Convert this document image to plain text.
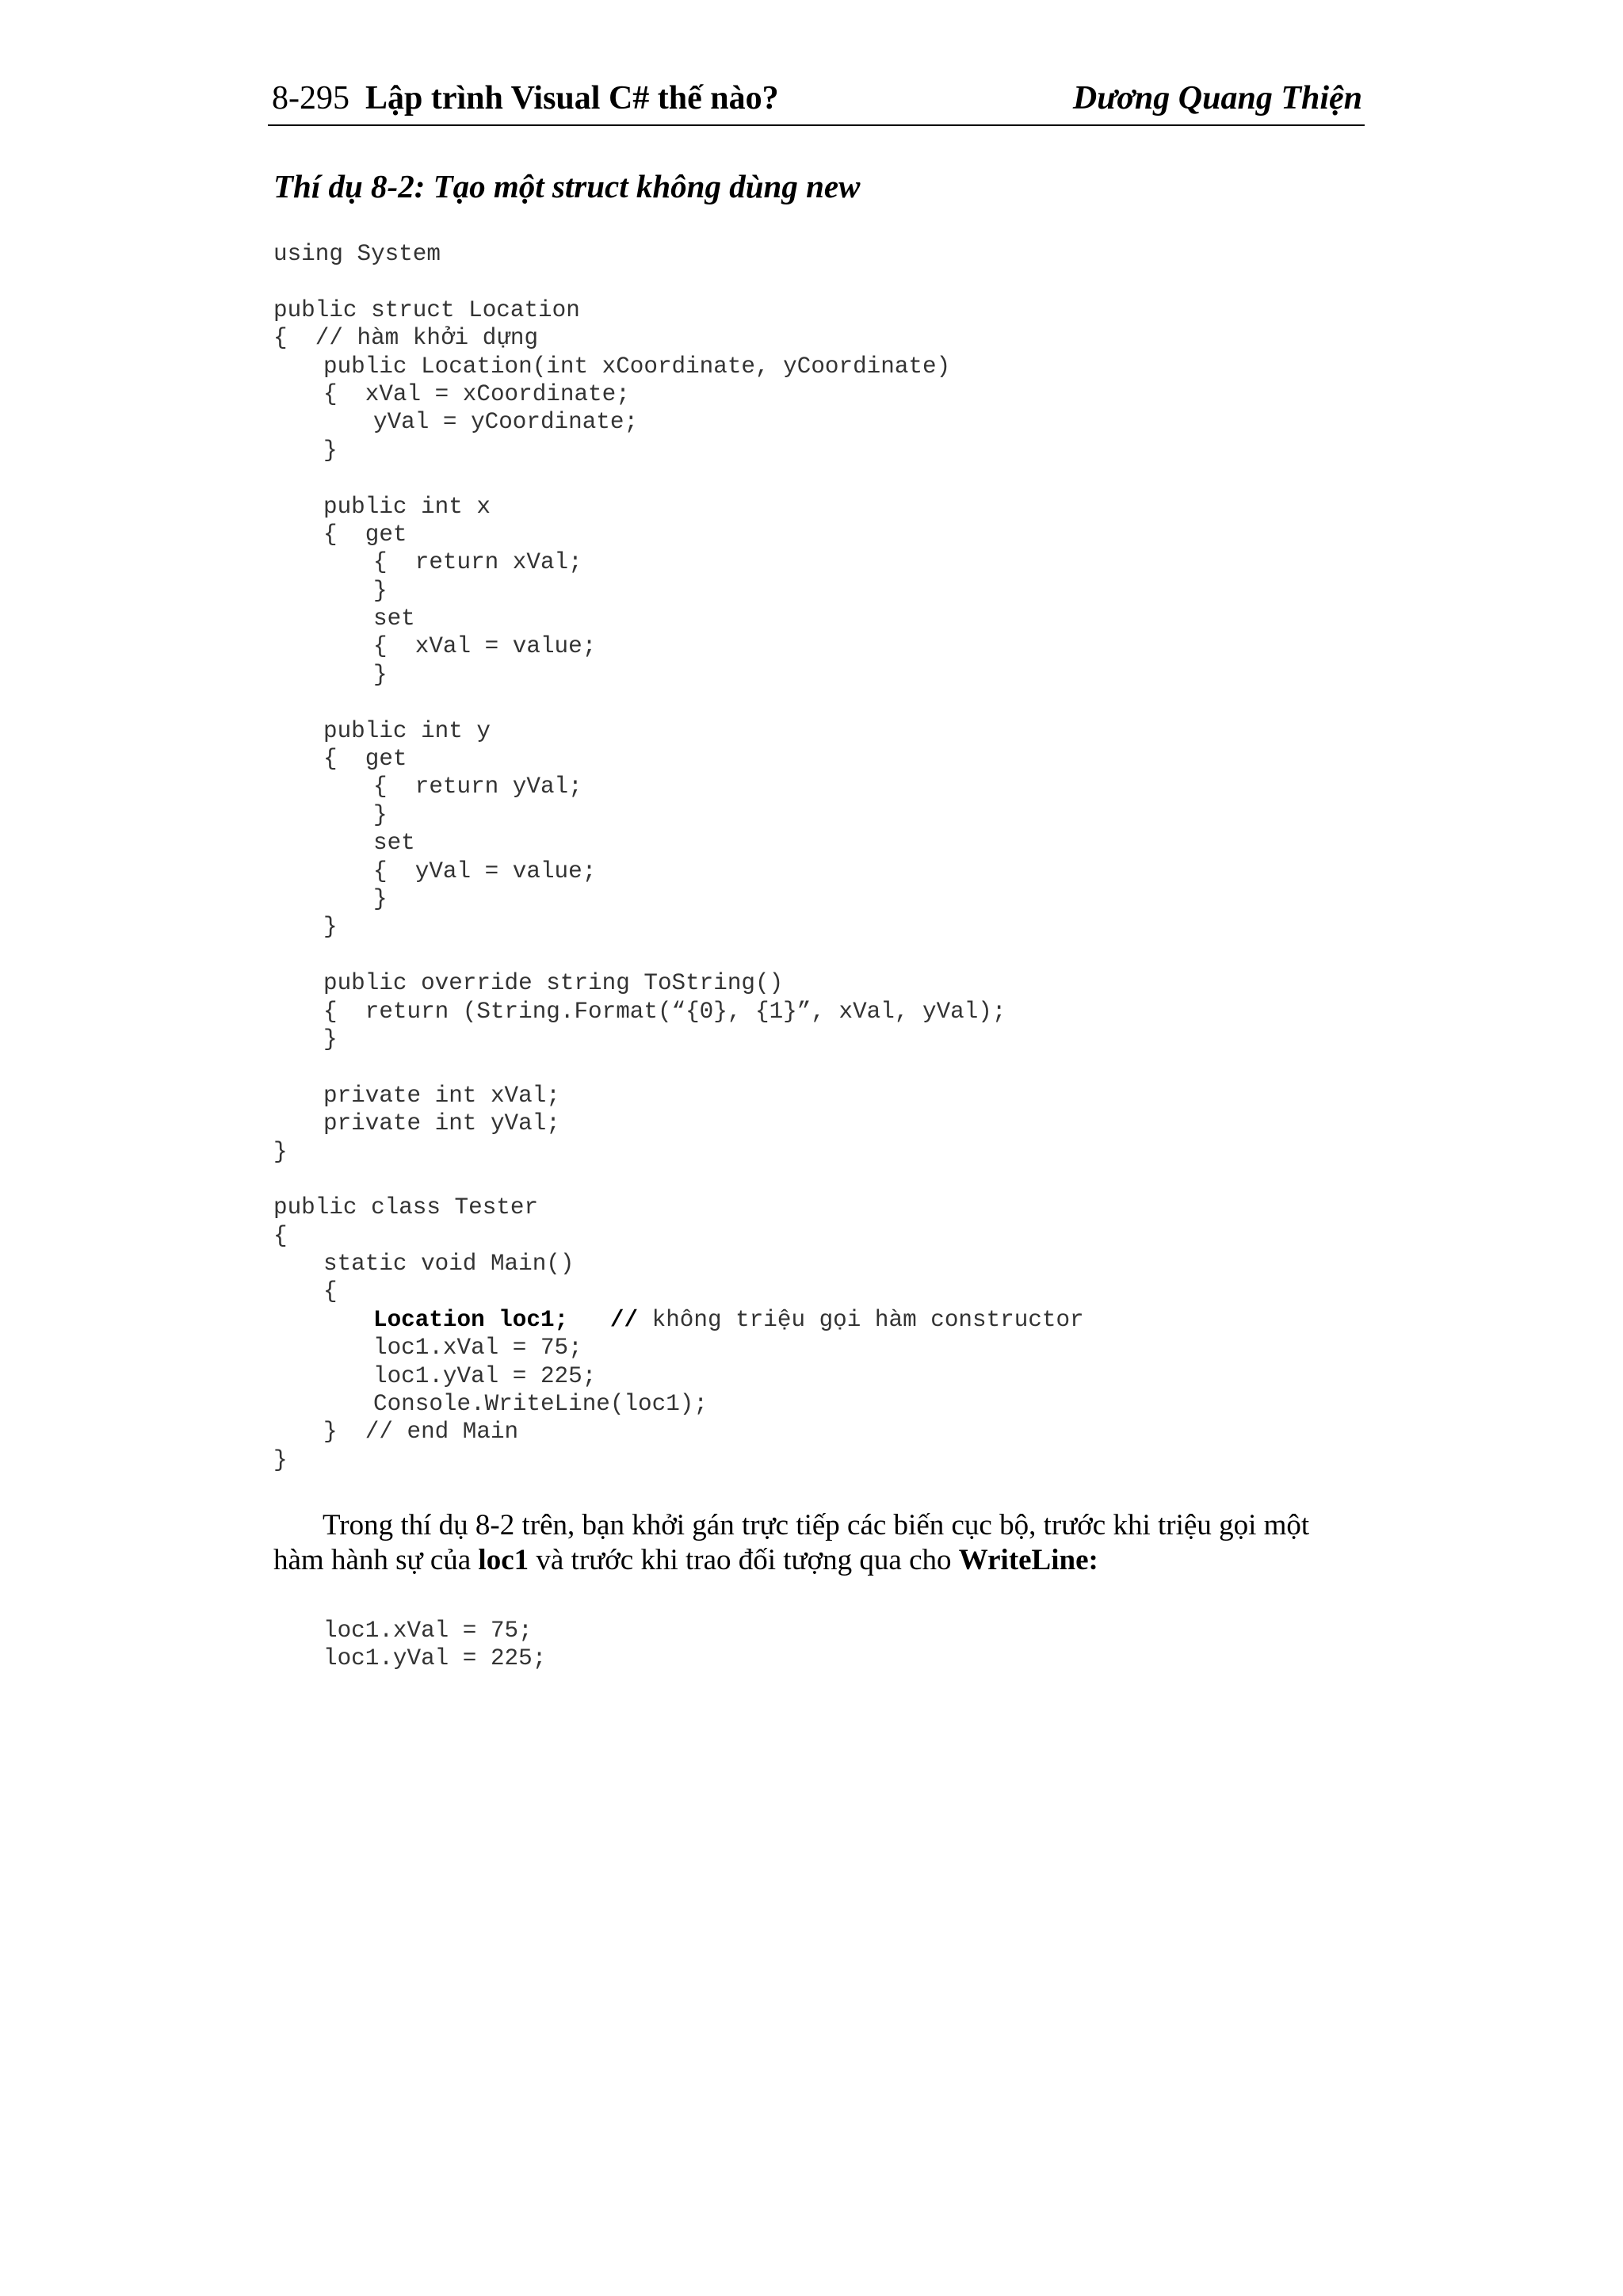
8-295 Lập trình Visual C# thế nào?	Dương Quang Thiện
Thí dụ 8-2: Tạo một struct không dùng new
using System
public struct Location
{  // hàm khởi dựng
public Location(int xCoordinate, yCoordinate)
{  xVal = xCoordinate;
yVal = yCoordinate;
}
public int x
{  get
{  return xVal;
}
set
{  xVal = value;
}
public int y
{  get
{  return yVal;
}
set
{  yVal = value;
}
}
public override string ToString()
{  return (String.Format(“{0}, {1}”, xVal, yVal);
}
private int xVal;
private int yVal;
}
public class Tester
{
static void Main()
{
Location loc1;   // không triệu gọi hàm constructor
loc1.xVal = 75;
loc1.yVal = 225;
Console.WriteLine(loc1);
}  // end Main
}
Trong thí dụ 8-2 trên, bạn khởi gán trực tiếp các biến cục bộ, trước khi triệu gọi một
hàm hành sự của loc1 và trước khi trao đối tượng qua cho WriteLine:
loc1.xVal = 75;
loc1.yVal = 225;
